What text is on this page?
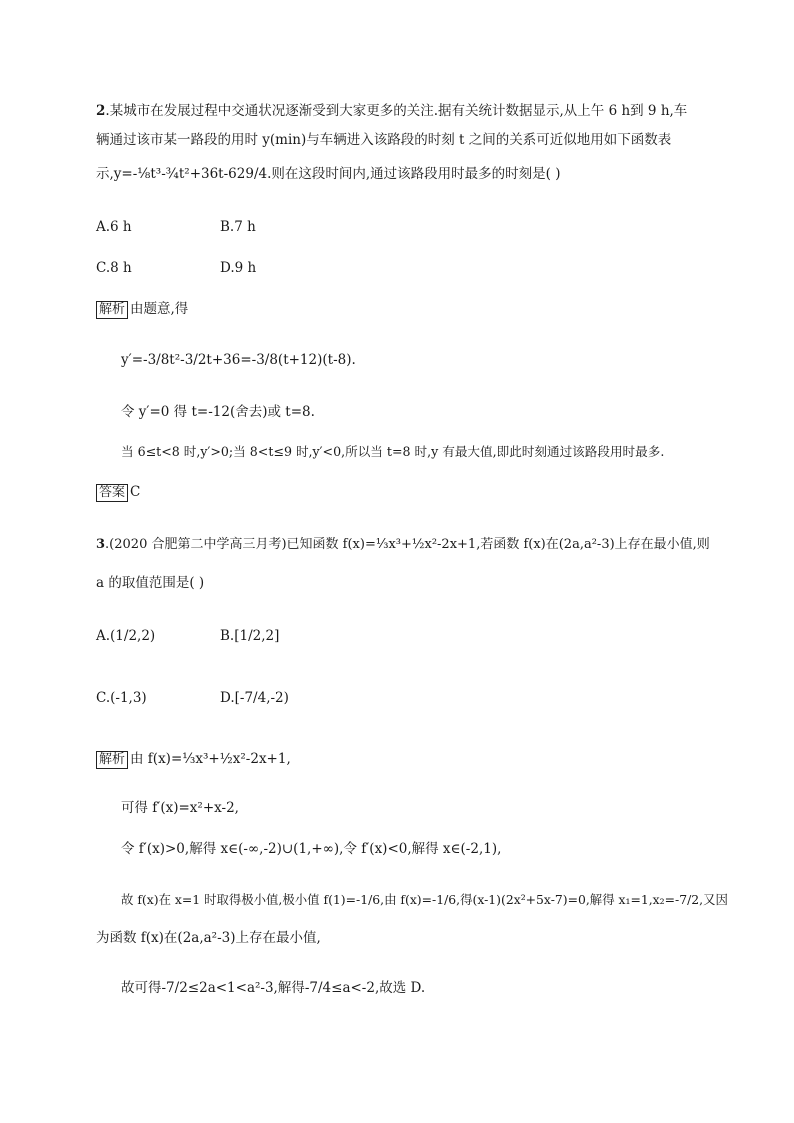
2.某城市在发展过程中交通状况逐渐受到大家更多的关注.据有关统计数据显示,从上午 6 h到 9 h,车
辆通过该市某一路段的用时 y(min)与车辆进入该路段的时刻 t 之间的关系可近似地用如下函数表
示,y=-⅛t³-¾t²+36t-629/4.则在这段时间内,通过该路段用时最多的时刻是( )
A.6 h	B.7 h
C.8 h	D.9 h
解析 由题意,得
y′=-3/8t²-3/2t+36=-3/8(t+12)(t-8).
令 y′=0 得 t=-12(舍去)或 t=8.
当 6≤t<8 时,y′>0;当 8<t≤9 时,y′<0,所以当 t=8 时,y 有最大值,即此时刻通过该路段用时最多.
答案 C
3.(2020 合肥第二中学高三月考)已知函数 f(x)=⅓x³+½x²-2x+1,若函数 f(x)在(2a,a²-3)上存在最小值,则
a 的取值范围是( )
A.(1/2,2)	B.[1/2,2]
C.(-1,3)	D.[-7/4,-2)
解析 由 f(x)=⅓x³+½x²-2x+1,
可得 f′(x)=x²+x-2,
令 f′(x)>0,解得 x∈(-∞,-2)∪(1,+∞),令 f′(x)<0,解得 x∈(-2,1),
故 f(x)在 x=1 时取得极小值,极小值 f(1)=-1/6,由 f(x)=-1/6,得(x-1)(2x²+5x-7)=0,解得 x₁=1,x₂=-7/2,又因
为函数 f(x)在(2a,a²-3)上存在最小值,
故可得-7/2≤2a<1<a²-3,解得-7/4≤a<-2,故选 D.
